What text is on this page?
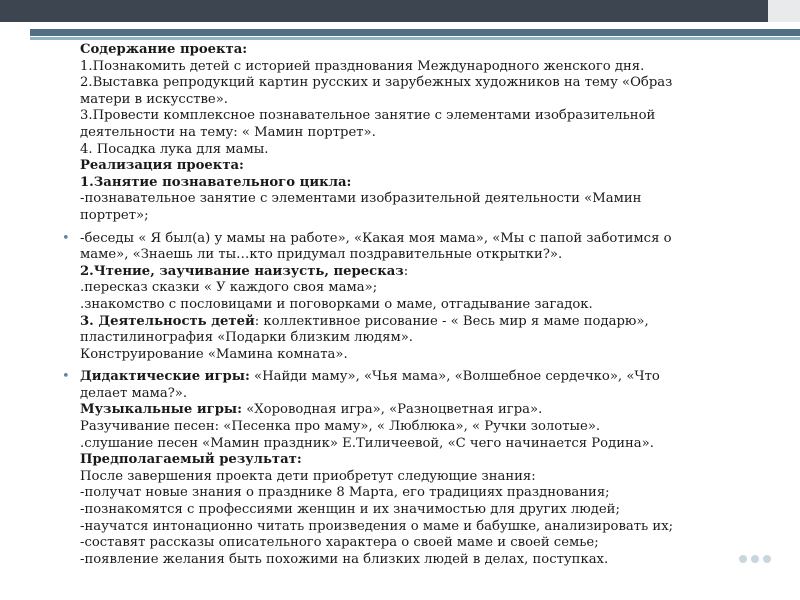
Содержание проекта:
1.Познакомить детей с историей празднования Международного женского дня.
2.Выставка репродукций картин русских и зарубежных художников на тему «Образ
матери в искусстве».
3.Провести комплексное познавательное занятие с элементами изобразительной
деятельности на тему: « Мамин портрет».
4. Посадка лука для мамы.
Реализация проекта:
1.Занятие познавательного цикла:
-познавательное занятие с элементами изобразительной деятельности «Мамин
портрет»;
• -беседы « Я был(а) у мамы на работе», «Какая моя мама», «Мы с папой заботимся о
маме», «Знаешь ли ты…кто придумал поздравительные открытки?».
2.Чтение, заучивание наизусть, пересказ:
.пересказ сказки « У каждого своя мама»;
.знакомство с пословицами и поговорками о маме, отгадывание загадок.
3. Деятельность детей: коллективное рисование - « Весь мир я маме подарю»,
пластилинография «Подарки близким людям».
Конструирование «Мамина комната».
• Дидактические игры: «Найди маму», «Чья мама», «Волшебное сердечко», «Что
делает мама?».
Музыкальные игры: «Хороводная игра», «Разноцветная игра».
Разучивание песен: «Песенка про маму», « Люблюка», « Ручки золотые».
.слушание песен «Мамин праздник» Е.Тиличеевой, «С чего начинается Родина».
Предполагаемый результат:
После завершения проекта дети приобретут следующие знания:
-получат новые знания о празднике 8 Марта, его традициях празднования;
-познакомятся с профессиями женщин и их значимостью для других людей;
-научатся интонационно читать произведения о маме и бабушке, анализировать их;
-составят рассказы описательного характера о своей маме и своей семье;
-появление желания быть похожими на близких людей в делах, поступках.
